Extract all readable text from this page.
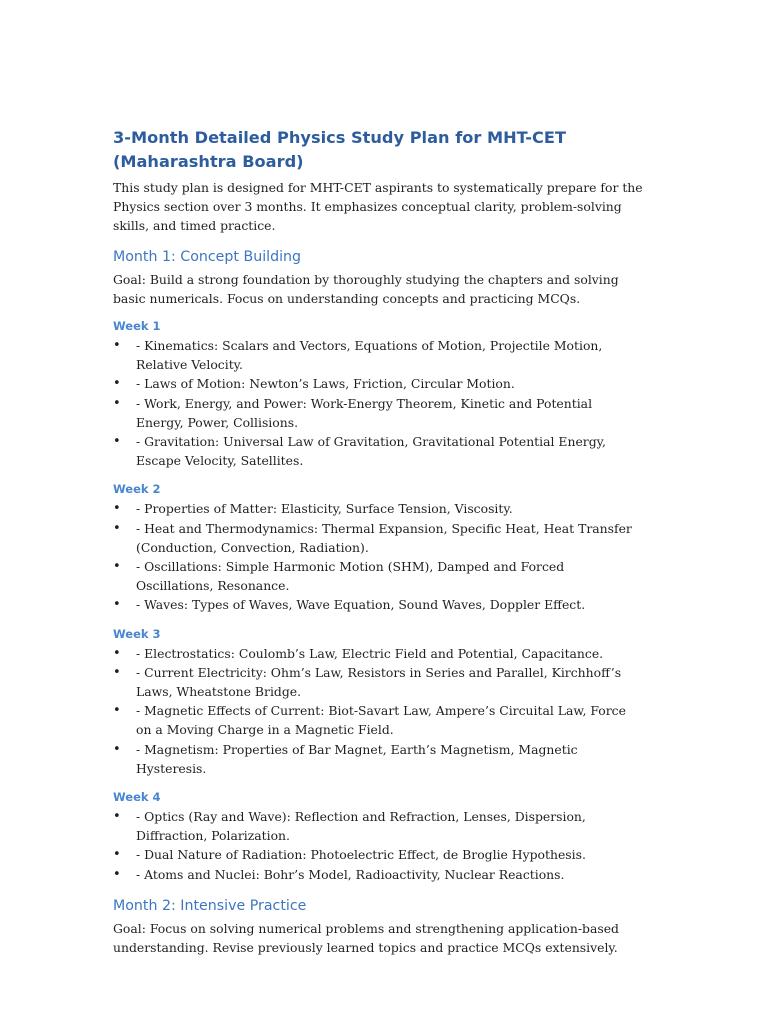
3-Month Detailed Physics Study Plan for MHT-CET (Maharashtra Board)

This study plan is designed for MHT-CET aspirants to systematically prepare for the Physics section over 3 months. It emphasizes conceptual clarity, problem-solving skills, and timed practice.

Month 1: Concept Building

Goal: Build a strong foundation by thoroughly studying the chapters and solving basic numericals. Focus on understanding concepts and practicing MCQs.

Week 1
• - Kinematics: Scalars and Vectors, Equations of Motion, Projectile Motion, Relative Velocity.
• - Laws of Motion: Newton’s Laws, Friction, Circular Motion.
• - Work, Energy, and Power: Work-Energy Theorem, Kinetic and Potential Energy, Power, Collisions.
• - Gravitation: Universal Law of Gravitation, Gravitational Potential Energy, Escape Velocity, Satellites.
Week 2
• - Properties of Matter: Elasticity, Surface Tension, Viscosity.
• - Heat and Thermodynamics: Thermal Expansion, Specific Heat, Heat Transfer (Conduction, Convection, Radiation).
• - Oscillations: Simple Harmonic Motion (SHM), Damped and Forced Oscillations, Resonance.
• - Waves: Types of Waves, Wave Equation, Sound Waves, Doppler Effect.
Week 3
• - Electrostatics: Coulomb’s Law, Electric Field and Potential, Capacitance.
• - Current Electricity: Ohm’s Law, Resistors in Series and Parallel, Kirchhoff’s Laws, Wheatstone Bridge.
• - Magnetic Effects of Current: Biot-Savart Law, Ampere’s Circuital Law, Force on a Moving Charge in a Magnetic Field.
• - Magnetism: Properties of Bar Magnet, Earth’s Magnetism, Magnetic Hysteresis.
Week 4
• - Optics (Ray and Wave): Reflection and Refraction, Lenses, Dispersion, Diffraction, Polarization.
• - Dual Nature of Radiation: Photoelectric Effect, de Broglie Hypothesis.
• - Atoms and Nuclei: Bohr’s Model, Radioactivity, Nuclear Reactions.
Month 2: Intensive Practice

Goal: Focus on solving numerical problems and strengthening application-based understanding. Revise previously learned topics and practice MCQs extensively.
